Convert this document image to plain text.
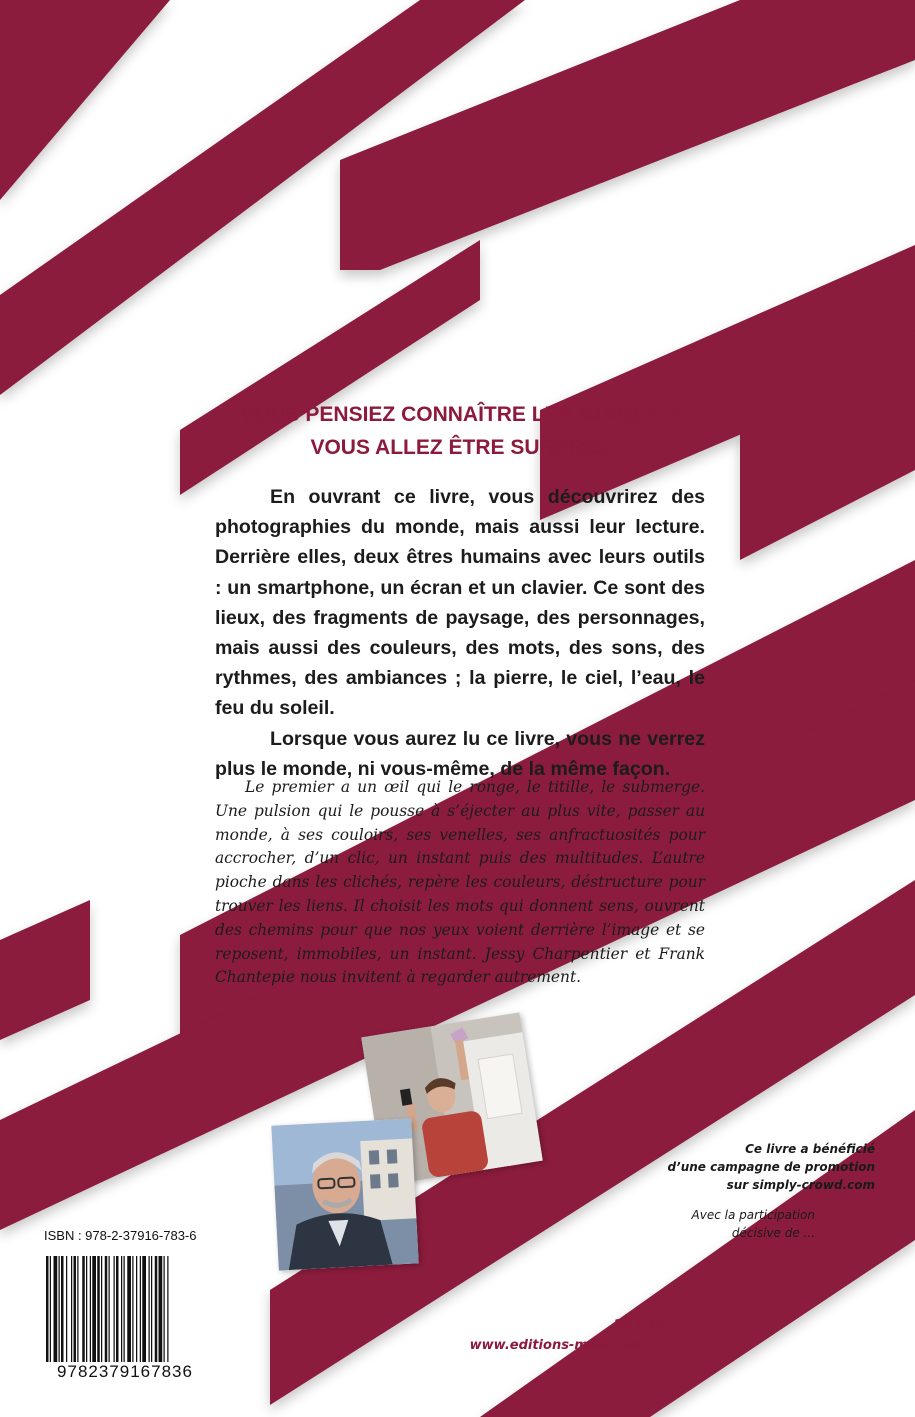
VOUS PENSIEZ CONNAÎTRE LES IMAGES ?
VOUS ALLEZ ÊTRE SURPRIS.

En ouvrant ce livre, vous découvrirez des photographies du monde, mais aussi leur lecture. Derrière elles, deux êtres humains avec leurs outils : un smartphone, un écran et un clavier. Ce sont des lieux, des fragments de paysage, des personnages, mais aussi des couleurs, des mots, des sons, des rythmes, des ambiances ; la pierre, le ciel, l’eau, le feu du soleil.

Lorsque vous aurez lu ce livre, vous ne verrez plus le monde, ni vous-même, de la même façon.

Le premier a un œil qui le ronge, le titille, le submerge. Une pulsion qui le pousse à s’éjecter au plus vite, passer au monde, à ses couloirs, ses venelles, ses anfractuosités pour accrocher, d’un clic, un instant puis des multitudes. L’autre pioche dans les clichés, repère les couleurs, déstructure pour trouver les liens. Il choisit les mots qui donnent sens, ouvrent des chemins pour que nos yeux voient derrière l’image et se reposent, immobiles, un instant. Jessy Charpentier et Frank Chantepie nous invitent à regarder autrement.

Ce livre a bénéficié
d’une campagne de promotion
sur simply-crowd.com
Avec la participation
décisive de ...
22 € ttc
www.editions-maia.com
ISBN : 978-2-37916-783-6
9782379167836
